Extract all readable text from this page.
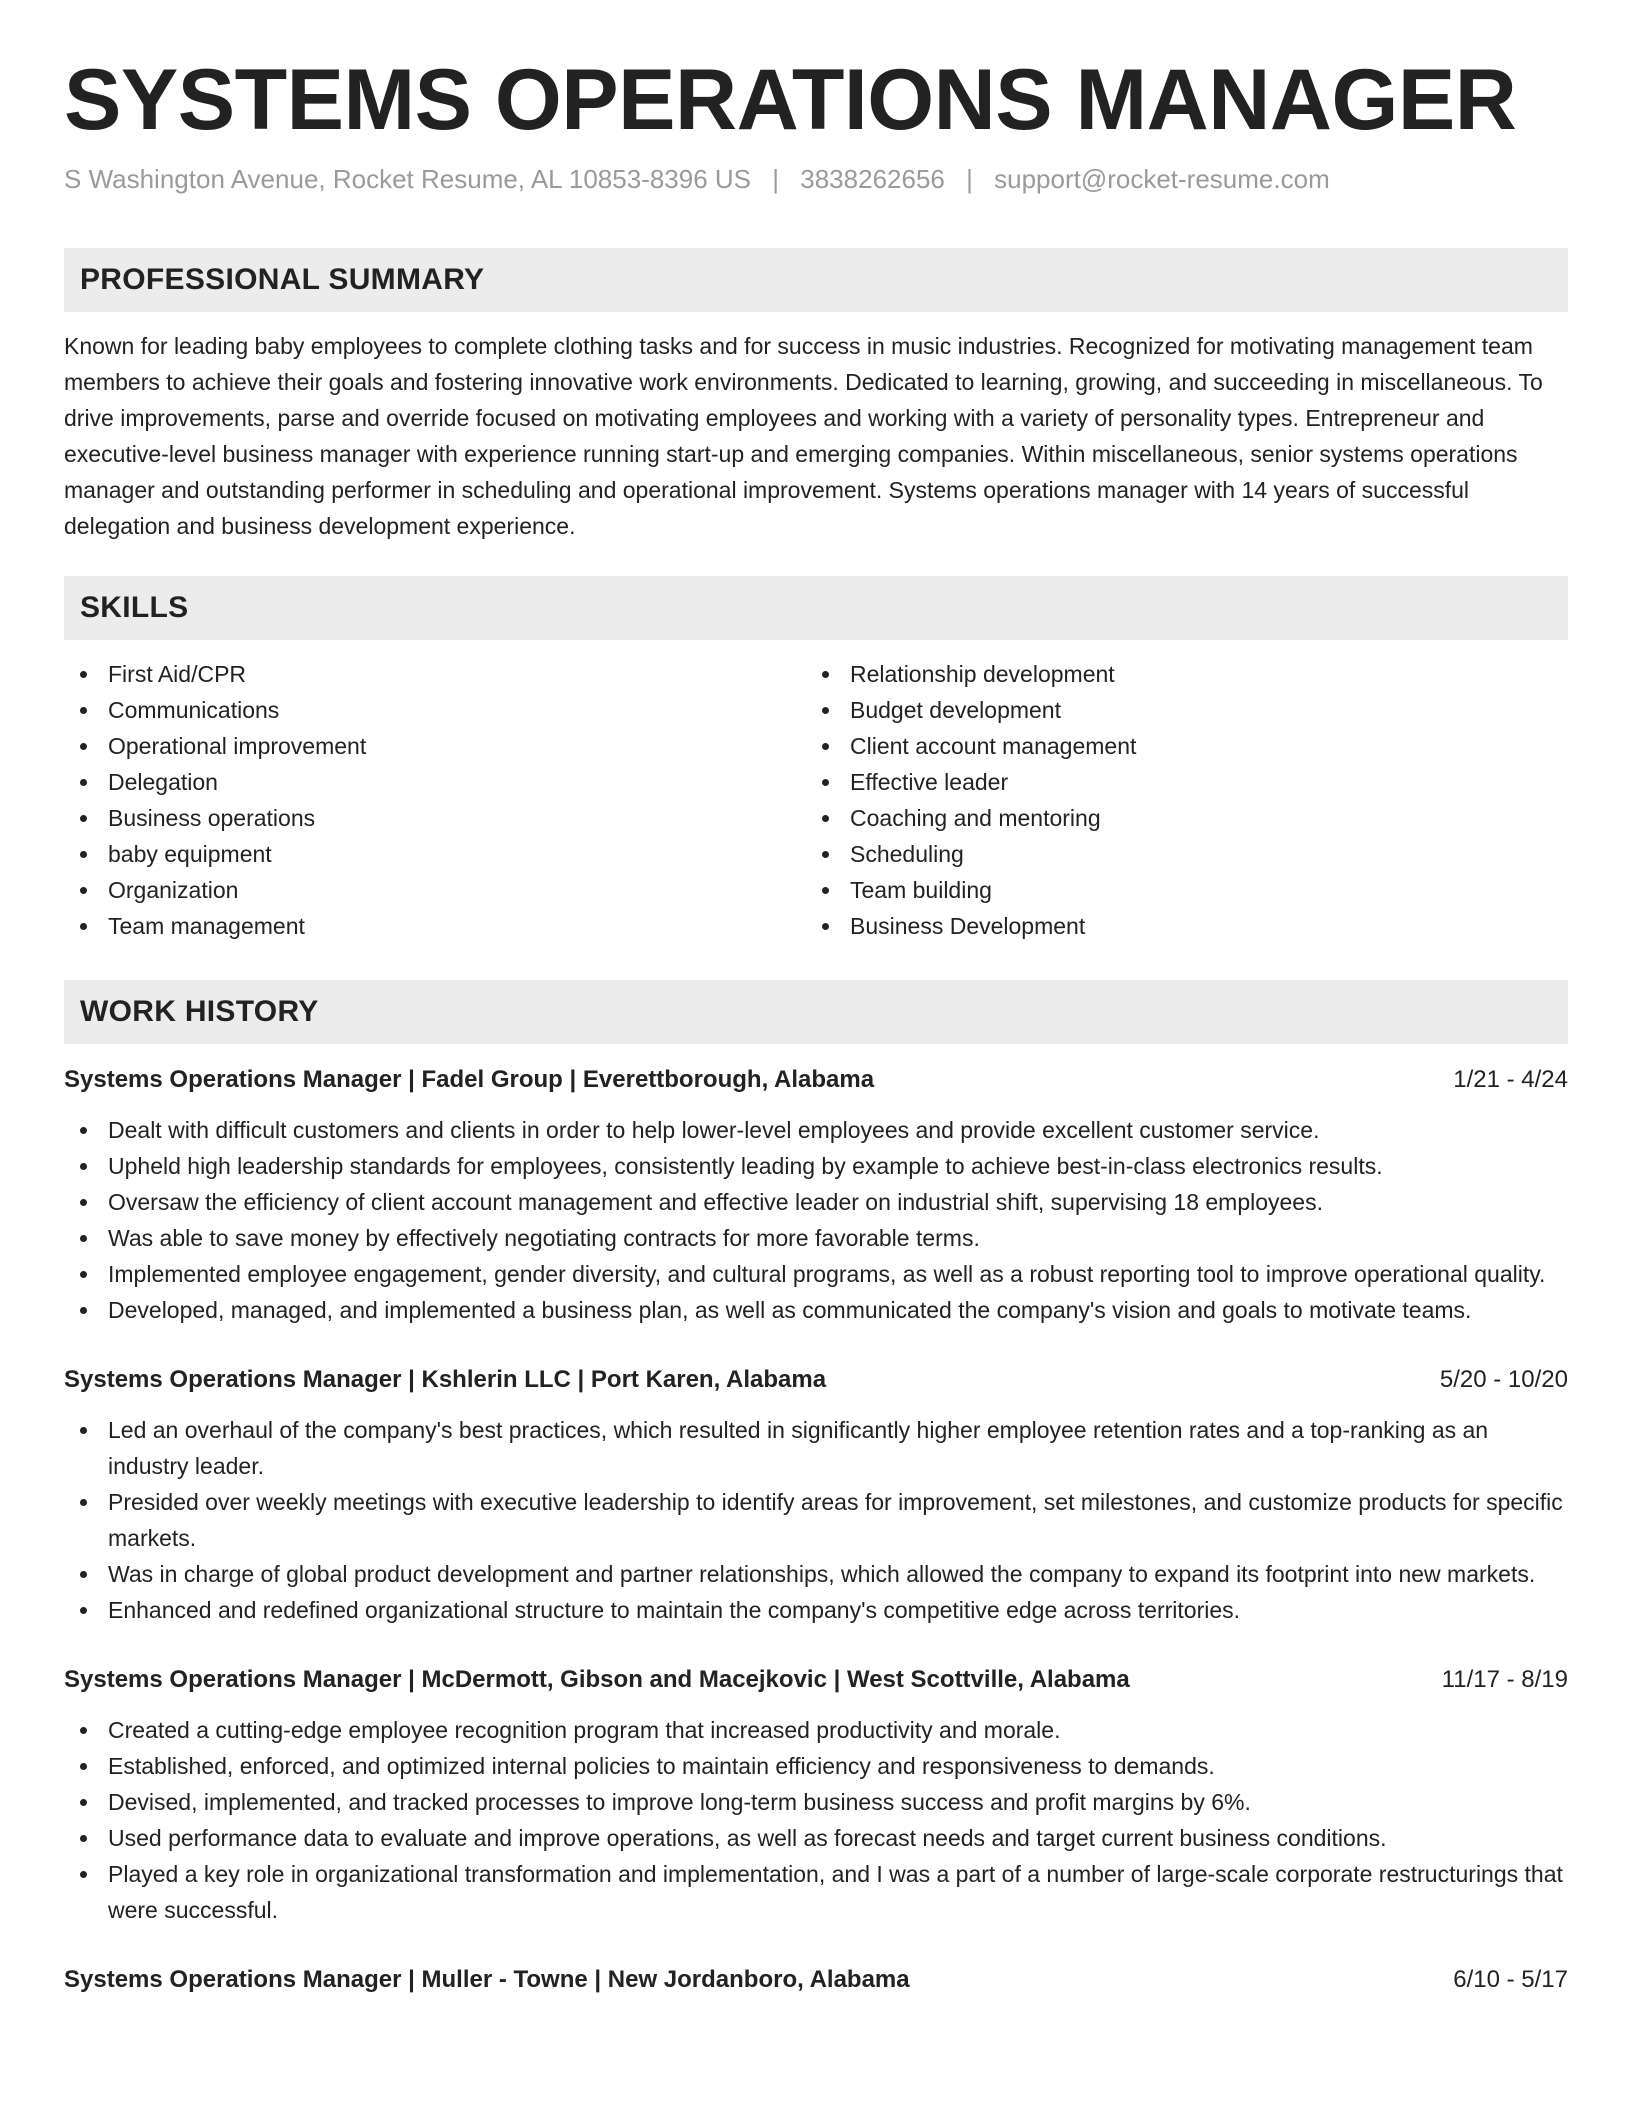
SYSTEMS OPERATIONS MANAGER
S Washington Avenue, Rocket Resume, AL 10853-8396 US | 3838262656 | support@rocket-resume.com
PROFESSIONAL SUMMARY

Known for leading baby employees to complete clothing tasks and for success in music industries. Recognized for motivating management team members to achieve their goals and fostering innovative work environments. Dedicated to learning, growing, and succeeding in miscellaneous. To drive improvements, parse and override focused on motivating employees and working with a variety of personality types. Entrepreneur and executive-level business manager with experience running start-up and emerging companies. Within miscellaneous, senior systems operations manager and outstanding performer in scheduling and operational improvement. Systems operations manager with 14 years of successful delegation and business development experience.

SKILLS
First Aid/CPR
Communications
Operational improvement
Delegation
Business operations
baby equipment
Organization
Team management
Relationship development
Budget development
Client account management
Effective leader
Coaching and mentoring
Scheduling
Team building
Business Development
WORK HISTORY
Systems Operations Manager | Fadel Group | Everettborough, Alabama	1/21 - 4/24
Dealt with difficult customers and clients in order to help lower-level employees and provide excellent customer service.
Upheld high leadership standards for employees, consistently leading by example to achieve best-in-class electronics results.
Oversaw the efficiency of client account management and effective leader on industrial shift, supervising 18 employees.
Was able to save money by effectively negotiating contracts for more favorable terms.
Implemented employee engagement, gender diversity, and cultural programs, as well as a robust reporting tool to improve operational quality.
Developed, managed, and implemented a business plan, as well as communicated the company's vision and goals to motivate teams.
Systems Operations Manager | Kshlerin LLC | Port Karen, Alabama	5/20 - 10/20
Led an overhaul of the company's best practices, which resulted in significantly higher employee retention rates and a top-ranking as an industry leader.
Presided over weekly meetings with executive leadership to identify areas for improvement, set milestones, and customize products for specific markets.
Was in charge of global product development and partner relationships, which allowed the company to expand its footprint into new markets.
Enhanced and redefined organizational structure to maintain the company's competitive edge across territories.
Systems Operations Manager | McDermott, Gibson and Macejkovic | West Scottville, Alabama	11/17 - 8/19
Created a cutting-edge employee recognition program that increased productivity and morale.
Established, enforced, and optimized internal policies to maintain efficiency and responsiveness to demands.
Devised, implemented, and tracked processes to improve long-term business success and profit margins by 6%.
Used performance data to evaluate and improve operations, as well as forecast needs and target current business conditions.
Played a key role in organizational transformation and implementation, and I was a part of a number of large-scale corporate restructurings that were successful.
Systems Operations Manager | Muller - Towne | New Jordanboro, Alabama	6/10 - 5/17
